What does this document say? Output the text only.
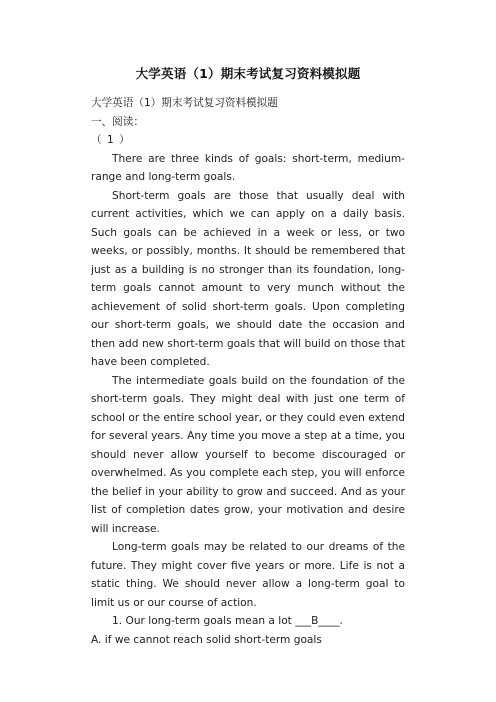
大学英语（1）期末考试复习资料模拟题

大学英语（1）期末考试复习资料模拟题

一、阅读：

（ 1 ）

There are three kinds of goals: short-term, medium-range and long-term goals.

Short-term goals are those that usually deal with current activities, which we can apply on a daily basis. Such goals can be achieved in a week or less, or two weeks, or possibly, months. It should be remembered that just as a building is no stronger than its foundation, long-term goals cannot amount to very munch without the achievement of solid short-term goals. Upon completing our short-term goals, we should date the occasion and then add new short-term goals that will build on those that have been completed.

The intermediate goals build on the foundation of the short-term goals. They might deal with just one term of school or the entire school year, or they could even extend for several years. Any time you move a step at a time, you should never allow yourself to become discouraged or overwhelmed. As you complete each step, you will enforce the belief in your ability to grow and succeed. And as your list of completion dates grow, your motivation and desire will increase.

Long-term goals may be related to our dreams of the future. They might cover five years or more. Life is not a static thing. We should never allow a long-term goal to limit us or our course of action.

1. Our long-term goals mean a lot ___B____.

A. if we cannot reach solid short-term goals
